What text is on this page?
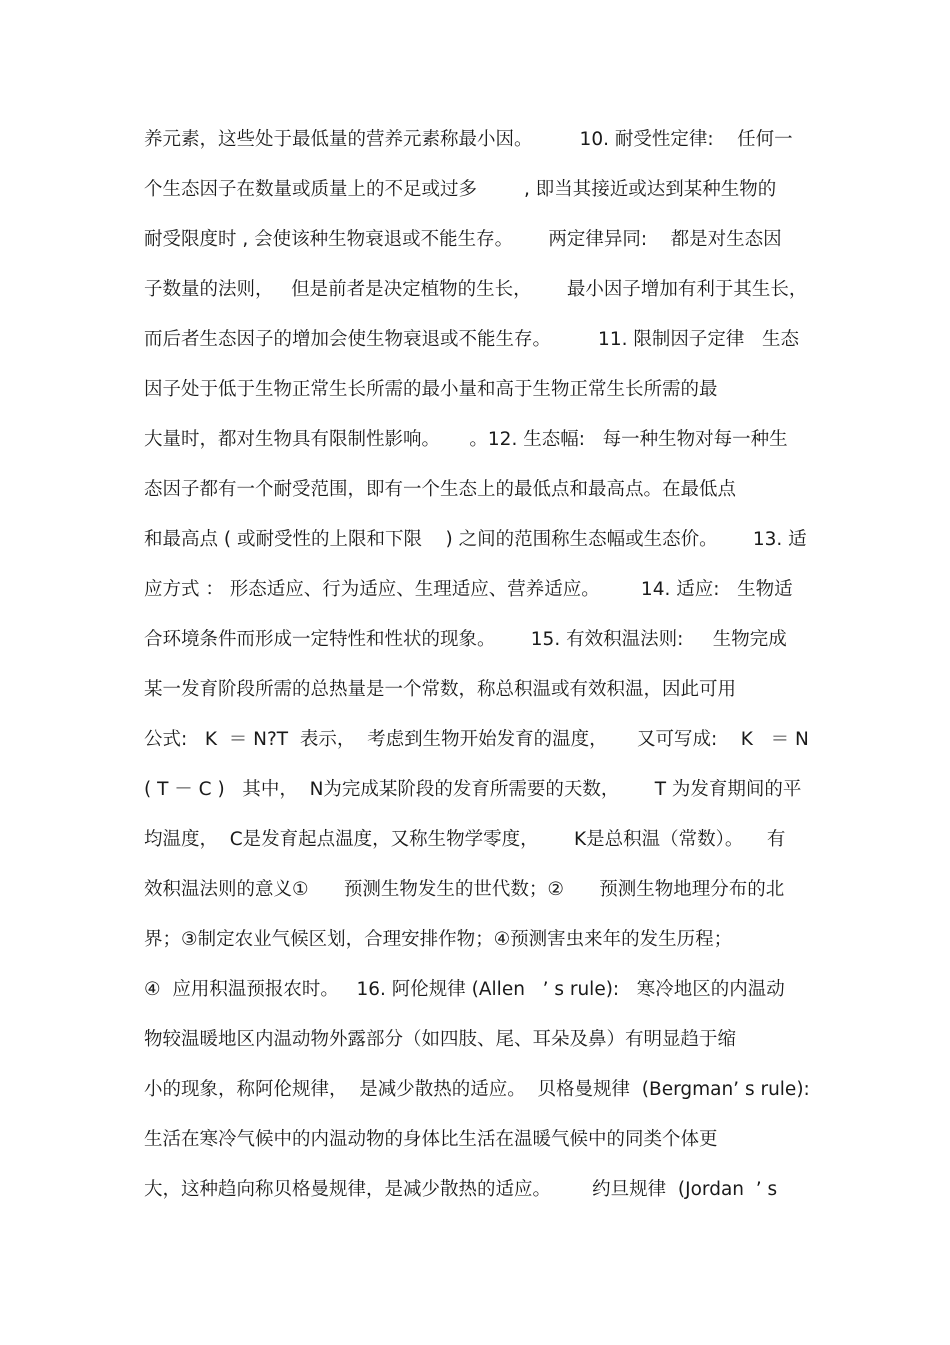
养元素，这些处于最低量的营养元素称最小因。        10. 耐受性定律:    任何一
个生态因子在数量或质量上的不足或过多        , 即当其接近或达到某种生物的
耐受限度时 , 会使该种生物衰退或不能生存。      两定律异同:    都是对生态因
子数量的法则，   但是前者是决定植物的生长，      最小因子增加有利于其生长，
而后者生态因子的增加会使生物衰退或不能生存。        11. 限制因子定律   生态
因子处于低于生物正常生长所需的最小量和高于生物正常生长所需的最
大量时，都对生物具有限制性影响。     。12. 生态幅:   每一种生物对每一种生
态因子都有一个耐受范围，即有一个生态上的最低点和最高点。在最低点
和最高点 ( 或耐受性的上限和下限    ) 之间的范围称生态幅或生态价。      13. 适
应方式 ： 形态适应、行为适应、生理适应、营养适应。       14. 适应:   生物适
合环境条件而形成一定特性和性状的现象。      15. 有效积温法则:     生物完成
某一发育阶段所需的总热量是一个常数，称总积温或有效积温，因此可用
公式:   K  ＝ N?T  表示，  考虑到生物开始发育的温度，     又可写成:    K   ＝ N
( T － C )   其中，  N为完成某阶段的发育所需要的天数，      T 为发育期间的平
均温度，  C是发育起点温度，又称生物学零度，      K是总积温（常数）。    有
效积温法则的意义①      预测生物发生的世代数；②      预测生物地理分布的北
界；③制定农业气候区划，合理安排作物；④预测害虫来年的发生历程；
④  应用积温预报农时。   16. 阿伦规律 (Allen   ’ s rule):   寒冷地区的内温动
物较温暖地区内温动物外露部分（如四肢、尾、耳朵及鼻）有明显趋于缩
小的现象，称阿伦规律，  是减少散热的适应。  贝格曼规律  (Bergman’ s rule):
生活在寒冷气候中的内温动物的身体比生活在温暖气候中的同类个体更
大，这种趋向称贝格曼规律，是减少散热的适应。       约旦规律  (Jordan  ’ s
